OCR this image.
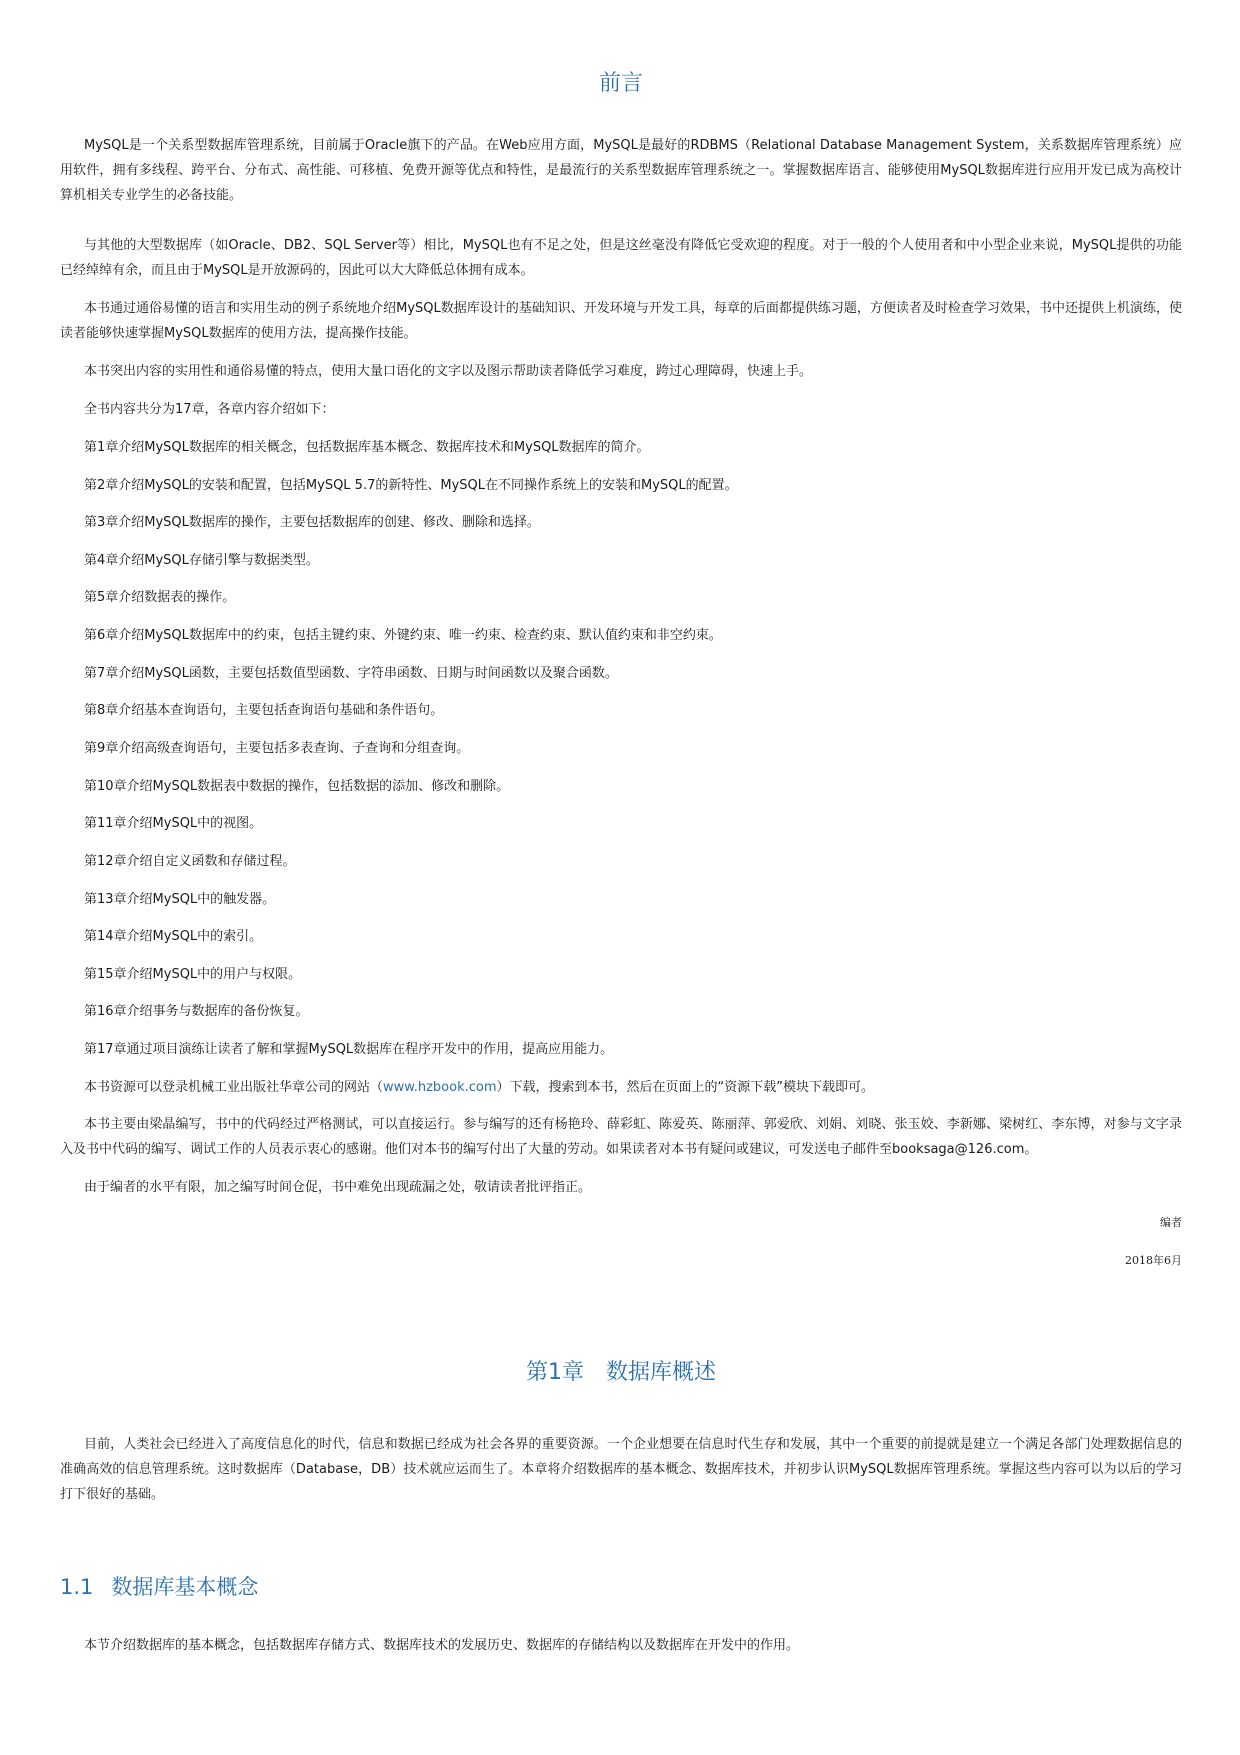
前言

MySQL是一个关系型数据库管理系统，目前属于Oracle旗下的产品。在Web应用方面，MySQL是最好的RDBMS（Relational Database Management System，关系数据库管理系统）应用软件，拥有多线程、跨平台、分布式、高性能、可移植、免费开源等优点和特性，是最流行的关系型数据库管理系统之一。掌握数据库语言、能够使用MySQL数据库进行应用开发已成为高校计算机相关专业学生的必备技能。

与其他的大型数据库（如Oracle、DB2、SQL Server等）相比，MySQL也有不足之处，但是这丝毫没有降低它受欢迎的程度。对于一般的个人使用者和中小型企业来说，MySQL提供的功能已经绰绰有余，而且由于MySQL是开放源码的，因此可以大大降低总体拥有成本。

本书通过通俗易懂的语言和实用生动的例子系统地介绍MySQL数据库设计的基础知识、开发环境与开发工具，每章的后面都提供练习题，方便读者及时检查学习效果，书中还提供上机演练，使读者能够快速掌握MySQL数据库的使用方法，提高操作技能。

本书突出内容的实用性和通俗易懂的特点，使用大量口语化的文字以及图示帮助读者降低学习难度，跨过心理障碍，快速上手。

全书内容共分为17章，各章内容介绍如下：

第1章介绍MySQL数据库的相关概念，包括数据库基本概念、数据库技术和MySQL数据库的简介。

第2章介绍MySQL的安装和配置，包括MySQL 5.7的新特性、MySQL在不同操作系统上的安装和MySQL的配置。

第3章介绍MySQL数据库的操作，主要包括数据库的创建、修改、删除和选择。

第4章介绍MySQL存储引擎与数据类型。

第5章介绍数据表的操作。

第6章介绍MySQL数据库中的约束，包括主键约束、外键约束、唯一约束、检查约束、默认值约束和非空约束。

第7章介绍MySQL函数，主要包括数值型函数、字符串函数、日期与时间函数以及聚合函数。

第8章介绍基本查询语句，主要包括查询语句基础和条件语句。

第9章介绍高级查询语句，主要包括多表查询、子查询和分组查询。

第10章介绍MySQL数据表中数据的操作，包括数据的添加、修改和删除。

第11章介绍MySQL中的视图。

第12章介绍自定义函数和存储过程。

第13章介绍MySQL中的触发器。

第14章介绍MySQL中的索引。

第15章介绍MySQL中的用户与权限。

第16章介绍事务与数据库的备份恢复。

第17章通过项目演练让读者了解和掌握MySQL数据库在程序开发中的作用，提高应用能力。

本书资源可以登录机械工业出版社华章公司的网站（www.hzbook.com）下载，搜索到本书，然后在页面上的“资源下载”模块下载即可。

本书主要由梁晶编写，书中的代码经过严格测试，可以直接运行。参与编写的还有杨艳玲、薛彩虹、陈爱英、陈丽萍、郭爱欣、刘娟、刘晓、张玉姣、李新娜、梁树红、李东博，对参与文字录入及书中代码的编写、调试工作的人员表示衷心的感谢。他们对本书的编写付出了大量的劳动。如果读者对本书有疑问或建议，可发送电子邮件至booksaga@126.com。

由于编者的水平有限，加之编写时间仓促，书中难免出现疏漏之处，敬请读者批评指正。

编者
2018年6月
第1章　数据库概述

目前，人类社会已经进入了高度信息化的时代，信息和数据已经成为社会各界的重要资源。一个企业想要在信息时代生存和发展，其中一个重要的前提就是建立一个满足各部门处理数据信息的准确高效的信息管理系统。这时数据库（Database，DB）技术就应运而生了。本章将介绍数据库的基本概念、数据库技术，并初步认识MySQL数据库管理系统。掌握这些内容可以为以后的学习打下很好的基础。

1.1 数据库基本概念

本节介绍数据库的基本概念，包括数据库存储方式、数据库技术的发展历史、数据库的存储结构以及数据库在开发中的作用。
